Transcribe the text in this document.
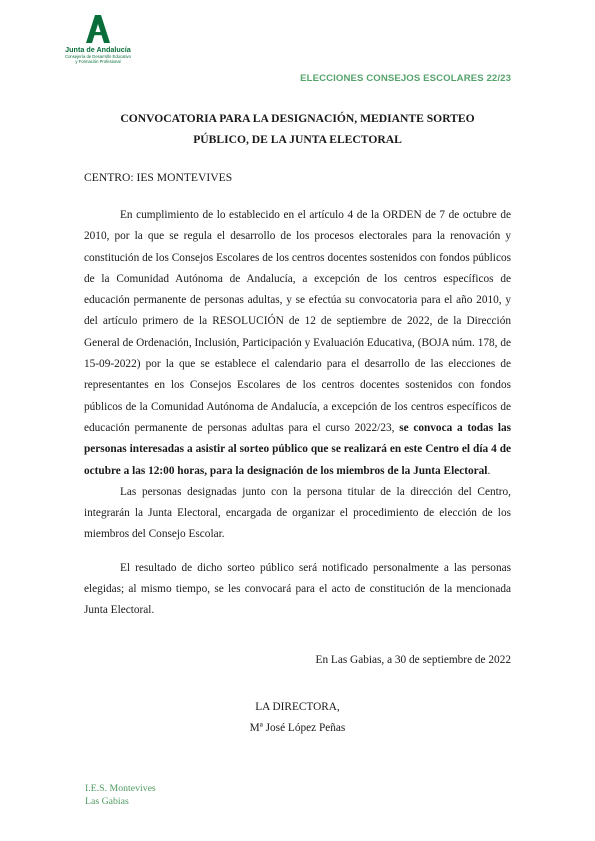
Junta de Andalucía
Consejería de Desarrollo Educativo
y Formación Profesional
ELECCIONES CONSEJOS ESCOLARES 22/23
CONVOCATORIA PARA LA DESIGNACIÓN, MEDIANTE SORTEO
PÚBLICO, DE LA JUNTA ELECTORAL
CENTRO: IES MONTEVIVES

En cumplimiento de lo establecido en el artículo 4 de la ORDEN de 7 de octubre de 2010, por la que se regula el desarrollo de los procesos electorales para la renovación y constitución de los Consejos Escolares de los centros docentes sostenidos con fondos públicos de la Comunidad Autónoma de Andalucía, a excepción de los centros específicos de educación permanente de personas adultas, y se efectúa su convocatoria para el año 2010, y del artículo primero de la RESOLUCIÓN de 12 de septiembre de 2022, de la Dirección General de Ordenación, Inclusión, Participación y Evaluación Educativa, (BOJA núm. 178, de 15-09-2022) por la que se establece el calendario para el desarrollo de las elecciones de representantes en los Consejos Escolares de los centros docentes sostenidos con fondos públicos de la Comunidad Autónoma de Andalucía, a excepción de los centros específicos de educación permanente de personas adultas para el curso 2022/23, se convoca a todas las personas interesadas a asistir al sorteo público que se realizará en este Centro el día 4 de octubre a las 12:00 horas, para la designación de los miembros de la Junta Electoral.

Las personas designadas junto con la persona titular de la dirección del Centro, integrarán la Junta Electoral, encargada de organizar el procedimiento de elección de los miembros del Consejo Escolar.

El resultado de dicho sorteo público será notificado personalmente a las personas elegidas; al mismo tiempo, se les convocará para el acto de constitución de la mencionada Junta Electoral.

En Las Gabias, a 30 de septiembre de 2022
LA DIRECTORA,
Mª José López Peñas
I.E.S. Montevives
Las Gabias
